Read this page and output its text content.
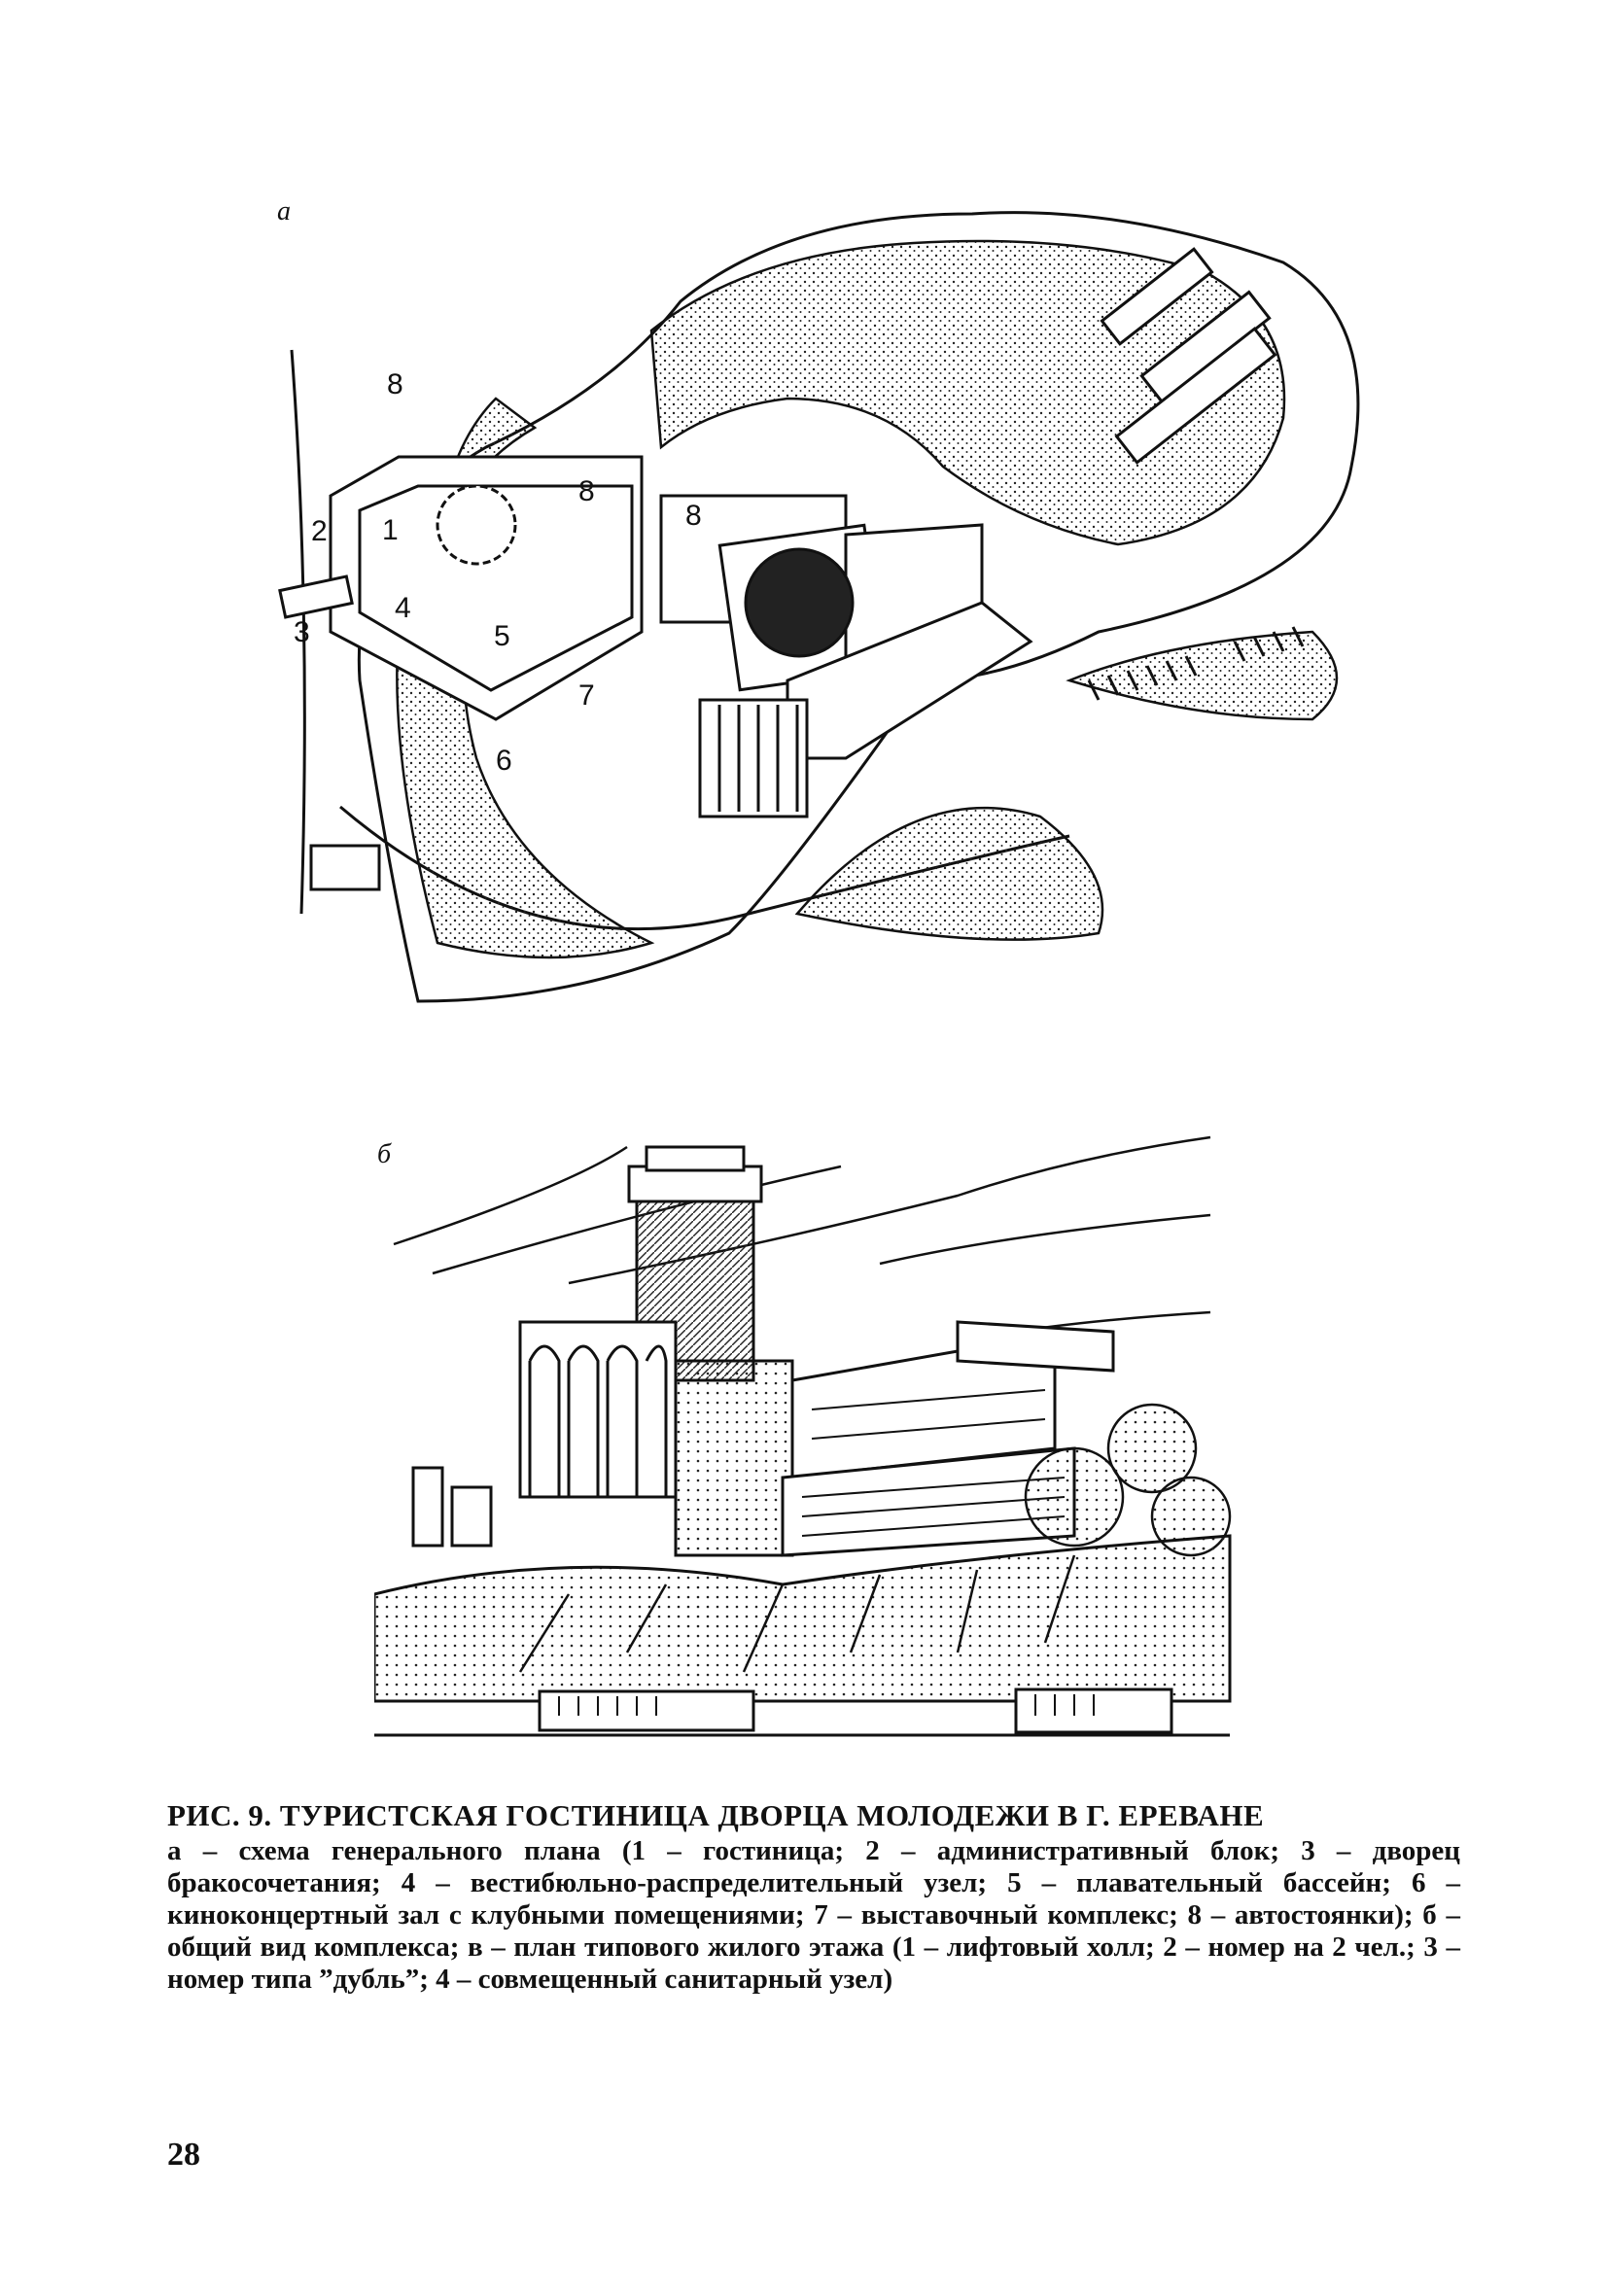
1
2
3
4
5
6
7
8
8
8
а
б

РИС. 9. ТУРИСТСКАЯ ГОСТИНИЦА ДВОРЦА МОЛОДЕЖИ В Г. ЕРЕВАНЕ

а – схема генерального плана (1 – гостиница; 2 – административный блок; 3 – дворец бракосочетания; 4 – вестибюльно-распределительный узел; 5 – плавательный бассейн; 6 – киноконцертный зал с клубными помещениями; 7 – выставочный комплекс; 8 – автостоянки); б – общий вид комплекса; в – план типового жилого этажа (1 – лифтовый холл; 2 – номер на 2 чел.; 3 – номер типа ”дубль”; 4 – совмещенный санитарный узел)

28
